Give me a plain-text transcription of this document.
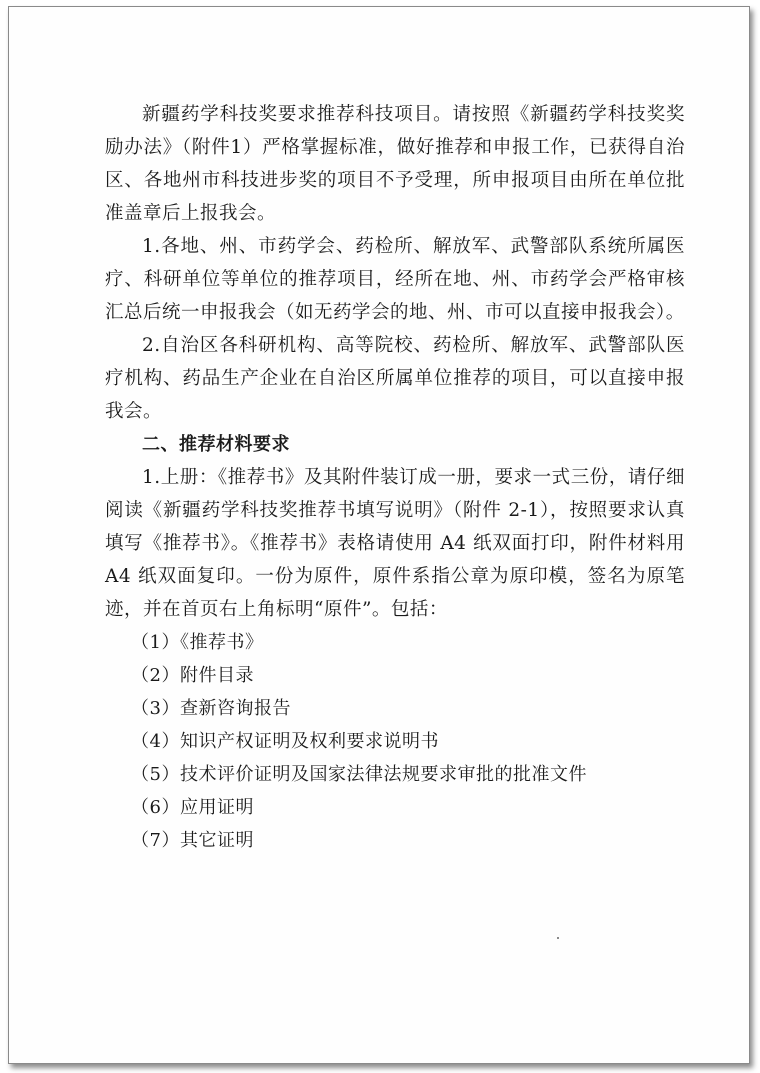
新疆药学科技奖要求推荐科技项目。请按照《新疆药学科技奖奖励办法》（附件1）严格掌握标准，做好推荐和申报工作，已获得自治区、各地州市科技进步奖的项目不予受理，所申报项目由所在单位批准盖章后上报我会。

1.各地、州、市药学会、药检所、解放军、武警部队系统所属医疗、科研单位等单位的推荐项目，经所在地、州、市药学会严格审核汇总后统一申报我会（如无药学会的地、州、市可以直接申报我会）。

2.自治区各科研机构、高等院校、药检所、解放军、武警部队医疗机构、药品生产企业在自治区所属单位推荐的项目，可以直接申报我会。

二、推荐材料要求

1.上册：《推荐书》及其附件装订成一册，要求一式三份，请仔细阅读《新疆药学科技奖推荐书填写说明》（附件 2-1），按照要求认真填写《推荐书》。《推荐书》表格请使用 A4 纸双面打印，附件材料用 A4 纸双面复印。一份为原件，原件系指公章为原印模，签名为原笔迹，并在首页右上角标明“原件”。包括：

（1）《推荐书》
（2）附件目录
（3）查新咨询报告
（4）知识产权证明及权利要求说明书
（5）技术评价证明及国家法律法规要求审批的批准文件
（6）应用证明
（7）其它证明
